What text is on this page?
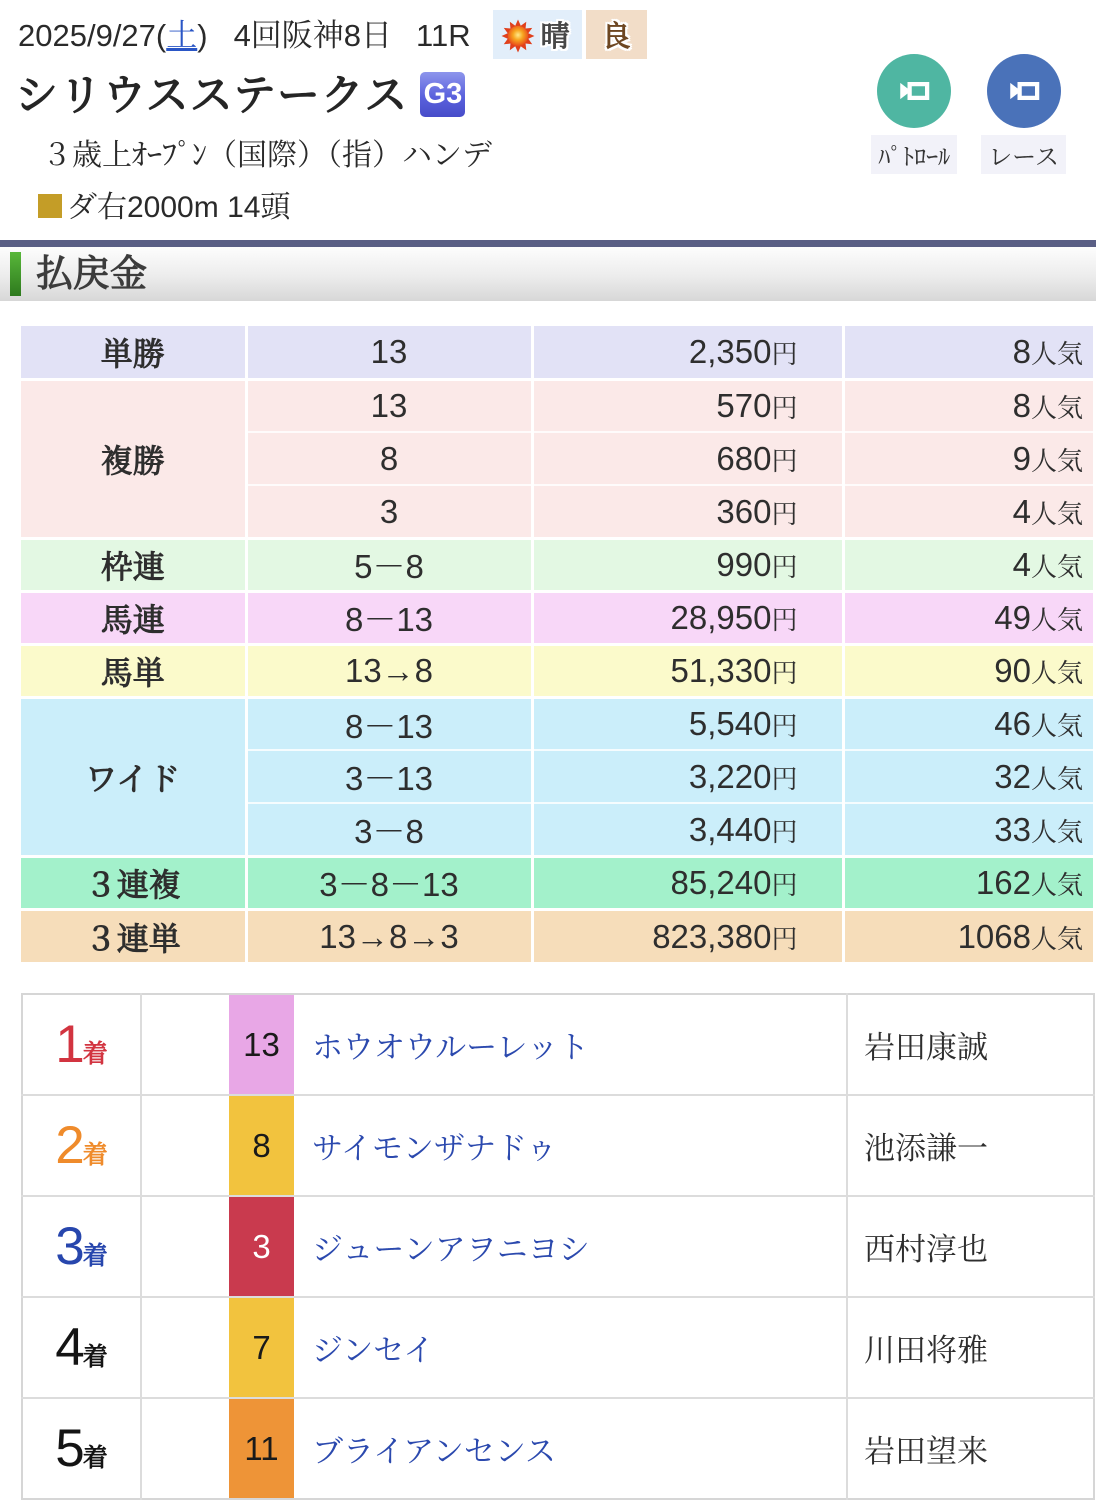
2025/9/27(土) 4回阪神8日 11R 晴 良
シリウスステークス G3
３歳上ｵｰﾌﾟﾝ（国際）（指）ハンデ
ダ右2000m 14頭
ﾊﾟﾄﾛｰﾙ レース
払戻金
単勝	13	2,350円	8人気
複勝	13	570円	8人気
	8	680円	9人気
	3	360円	4人気
枠連	5－8	990円	4人気
馬連	8－13	28,950円	49人気
馬単	13→8	51,330円	90人気
ワイド	8－13	5,540円	46人気
	3－13	3,220円	32人気
	3－8	3,440円	33人気
３連複	3－8－13	85,240円	162人気
３連単	13→8→3	823,380円	1068人気
1着		13	ホウオウルーレット	岩田康誠
2着		8	サイモンザナドゥ	池添謙一
3着		3	ジューンアヲニヨシ	西村淳也
4着		7	ジンセイ	川田将雅
5着		11	ブライアンセンス	岩田望来
